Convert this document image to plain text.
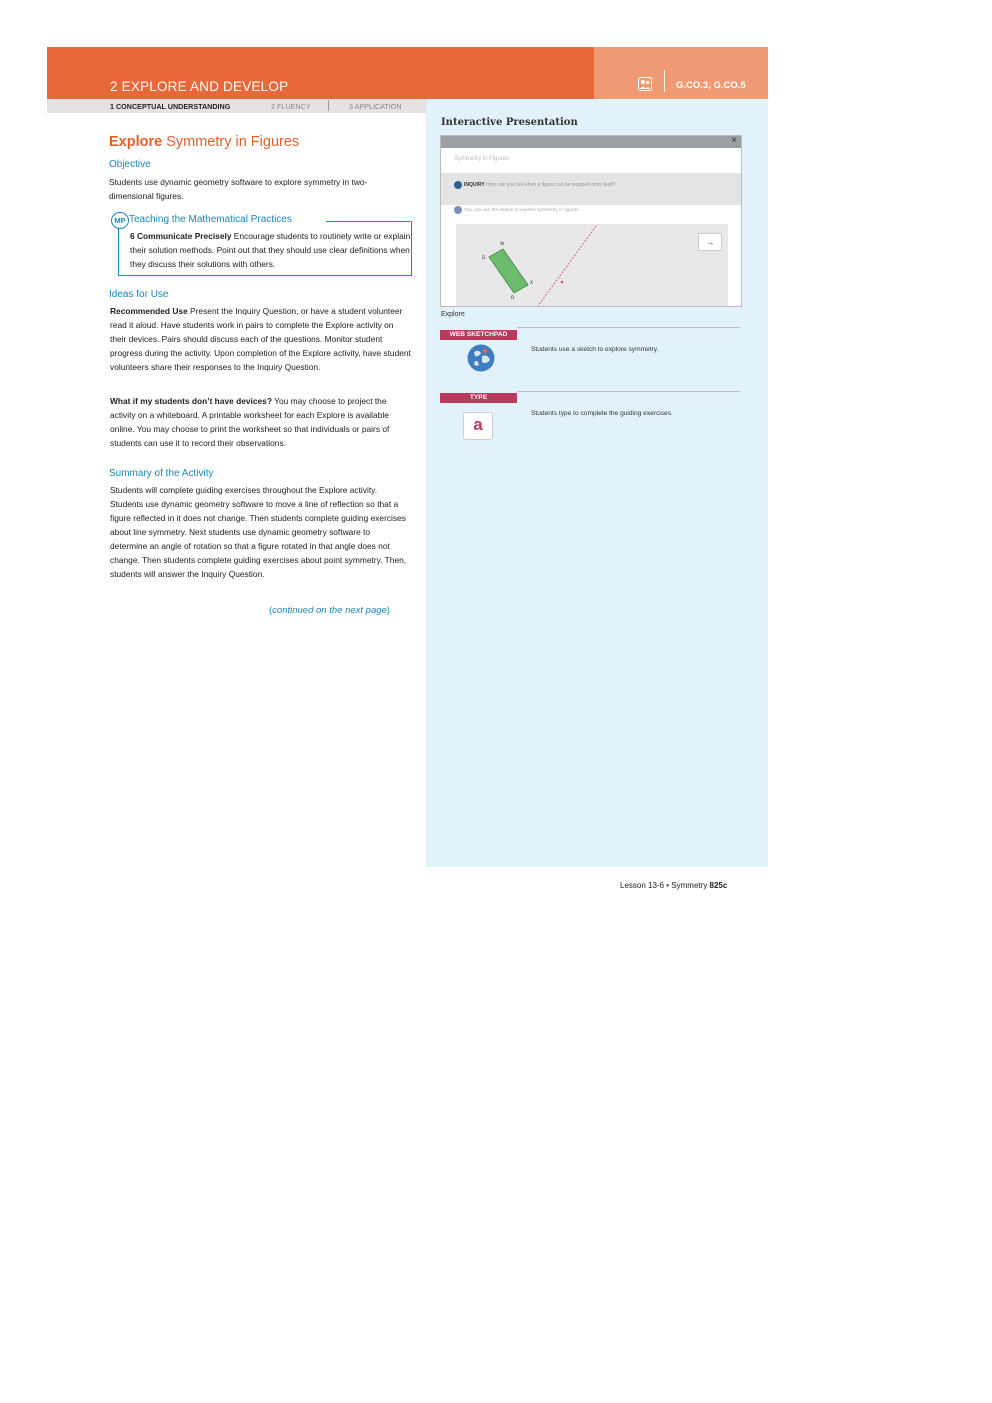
2 EXPLORE AND DEVELOP	G.CO.3, G.CO.5
1 CONCEPTUAL UNDERSTANDING	2 FLUENCY	3 APPLICATION
Explore Symmetry in Figures
Objective
Students use dynamic geometry software to explore symmetry in two-dimensional figures.
MP Teaching the Mathematical Practices
6 Communicate Precisely Encourage students to routinely write or explain their solution methods. Point out that they should use clear definitions when they discuss their solutions with others.
Ideas for Use
Recommended Use Present the Inquiry Question, or have a student volunteer read it aloud. Have students work in pairs to complete the Explore activity on their devices. Pairs should discuss each of the questions. Monitor student progress during the activity. Upon completion of the Explore activity, have student volunteers share their responses to the Inquiry Question.
What if my students don’t have devices? You may choose to project the activity on a whiteboard. A printable worksheet for each Explore is available online. You may choose to print the worksheet so that individuals or pairs of students can use it to record their observations.
Summary of the Activity
Students will complete guiding exercises throughout the Explore activity. Students use dynamic geometry software to move a line of reflection so that a figure reflected in it does not change. Then students complete guiding exercises about line symmetry. Next students use dynamic geometry software to determine an angle of rotation so that a figure rotated in that angle does not change. Then students complete guiding exercises about point symmetry. Then, students will answer the Inquiry Question.
(continued on the next page)
Interactive Presentation
×
Symmetry in Figures
INQUIRY How can you tell when a figure can be mapped onto itself?
You can use the sketch to explore symmetry in figures.
W
D
X
D
→
Explore
WEB SKETCHPAD
Students use a sketch to explore symmetry.
TYPE
a
Students type to complete the guiding exercises.
Lesson 13-6 • Symmetry 825c
